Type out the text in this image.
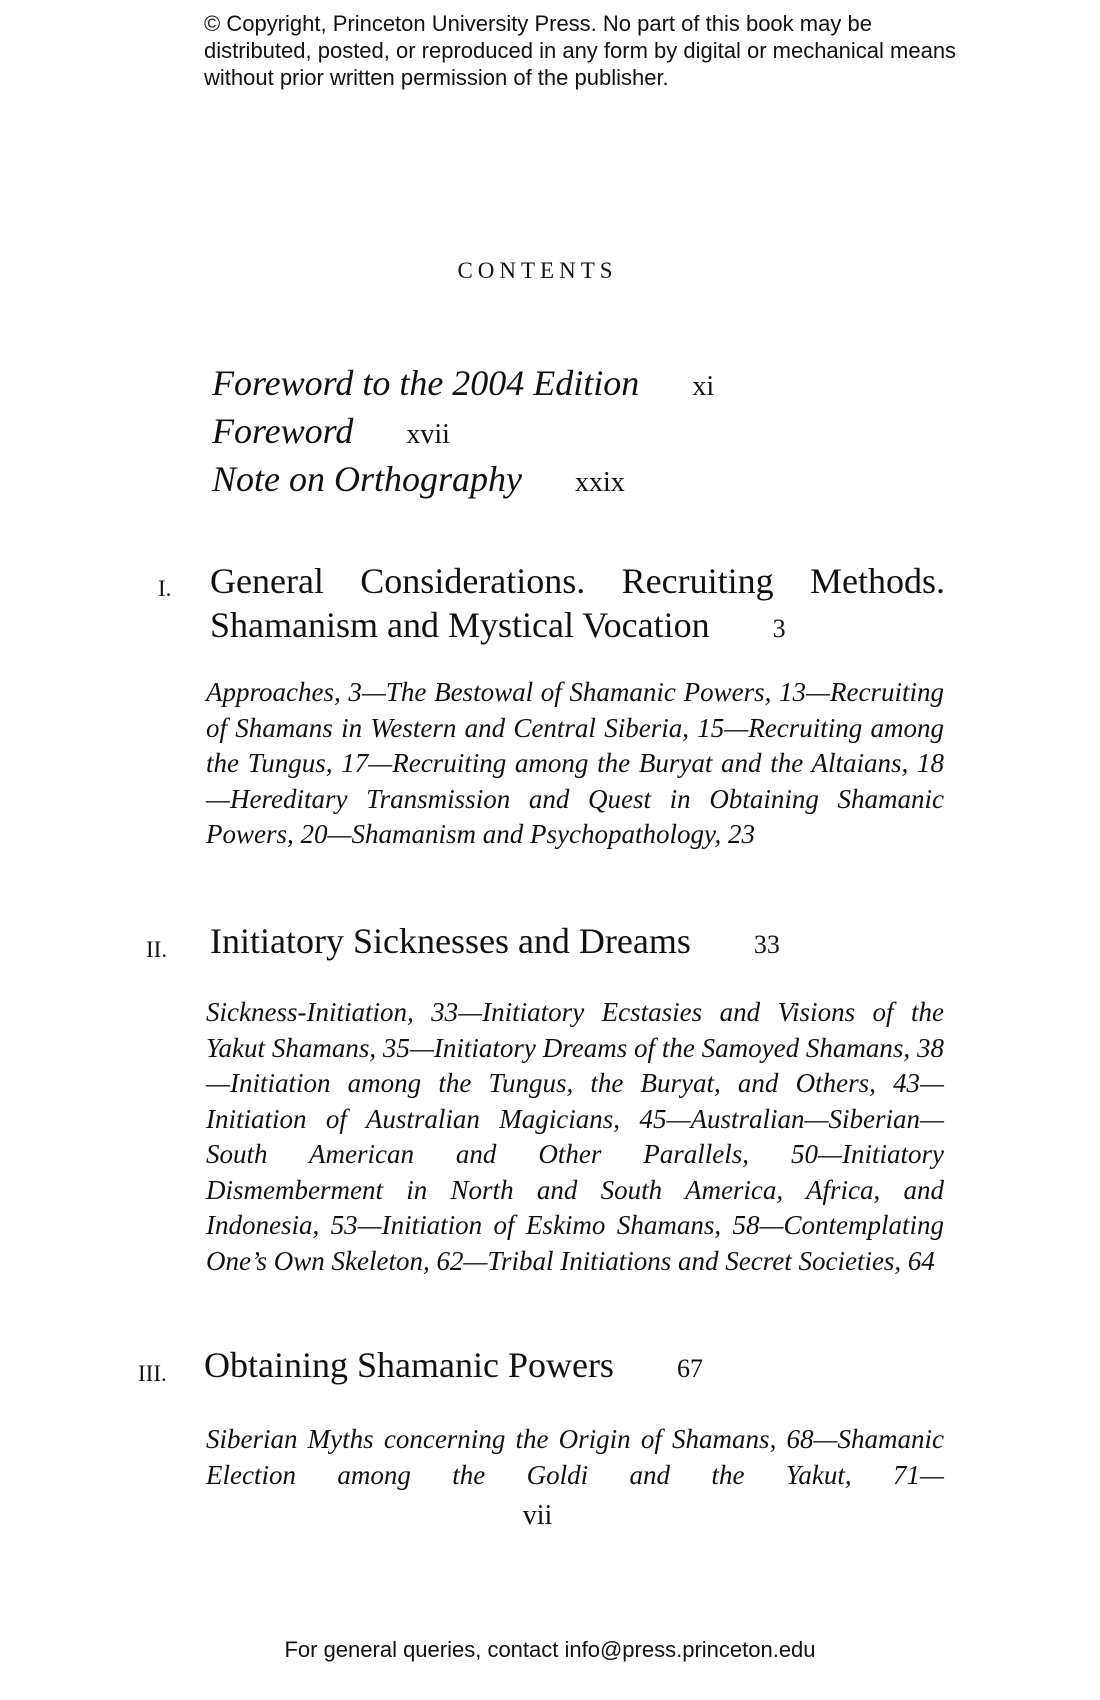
© Copyright, Princeton University Press. No part of this book may be distributed, posted, or reproduced in any form by digital or mechanical means without prior written permission of the publisher.
CONTENTS
Foreword to the 2004 Edition xi
Foreword xvii
Note on Orthography xxix
I. General Considerations. Recruiting Methods.
Shamanism and Mystical Vocation 3
Approaches, 3—The Bestowal of Shamanic Powers, 13—Recruiting of Shamans in Western and Central Siberia, 15—Recruiting among the Tungus, 17—Recruiting among the Buryat and the Altaians, 18—Hereditary Transmission and Quest in Obtaining Shamanic Powers, 20—Shamanism and Psychopathology, 23
II. Initiatory Sicknesses and Dreams 33
Sickness-Initiation, 33—Initiatory Ecstasies and Visions of the Yakut Shamans, 35—Initiatory Dreams of the Samoyed Shamans, 38—Initiation among the Tungus, the Buryat, and Others, 43—Initiation of Australian Magicians, 45—Australian—Siberian—South American and Other Parallels, 50—Initiatory Dismemberment in North and South America, Africa, and Indonesia, 53—Initiation of Eskimo Shamans, 58—Contemplating One’s Own Skeleton, 62—Tribal Initiations and Secret Societies, 64
III. Obtaining Shamanic Powers 67
Siberian Myths concerning the Origin of Shamans, 68—Shamanic Election among the Goldi and the Yakut, 71—
vii
For general queries, contact info@press.princeton.edu
